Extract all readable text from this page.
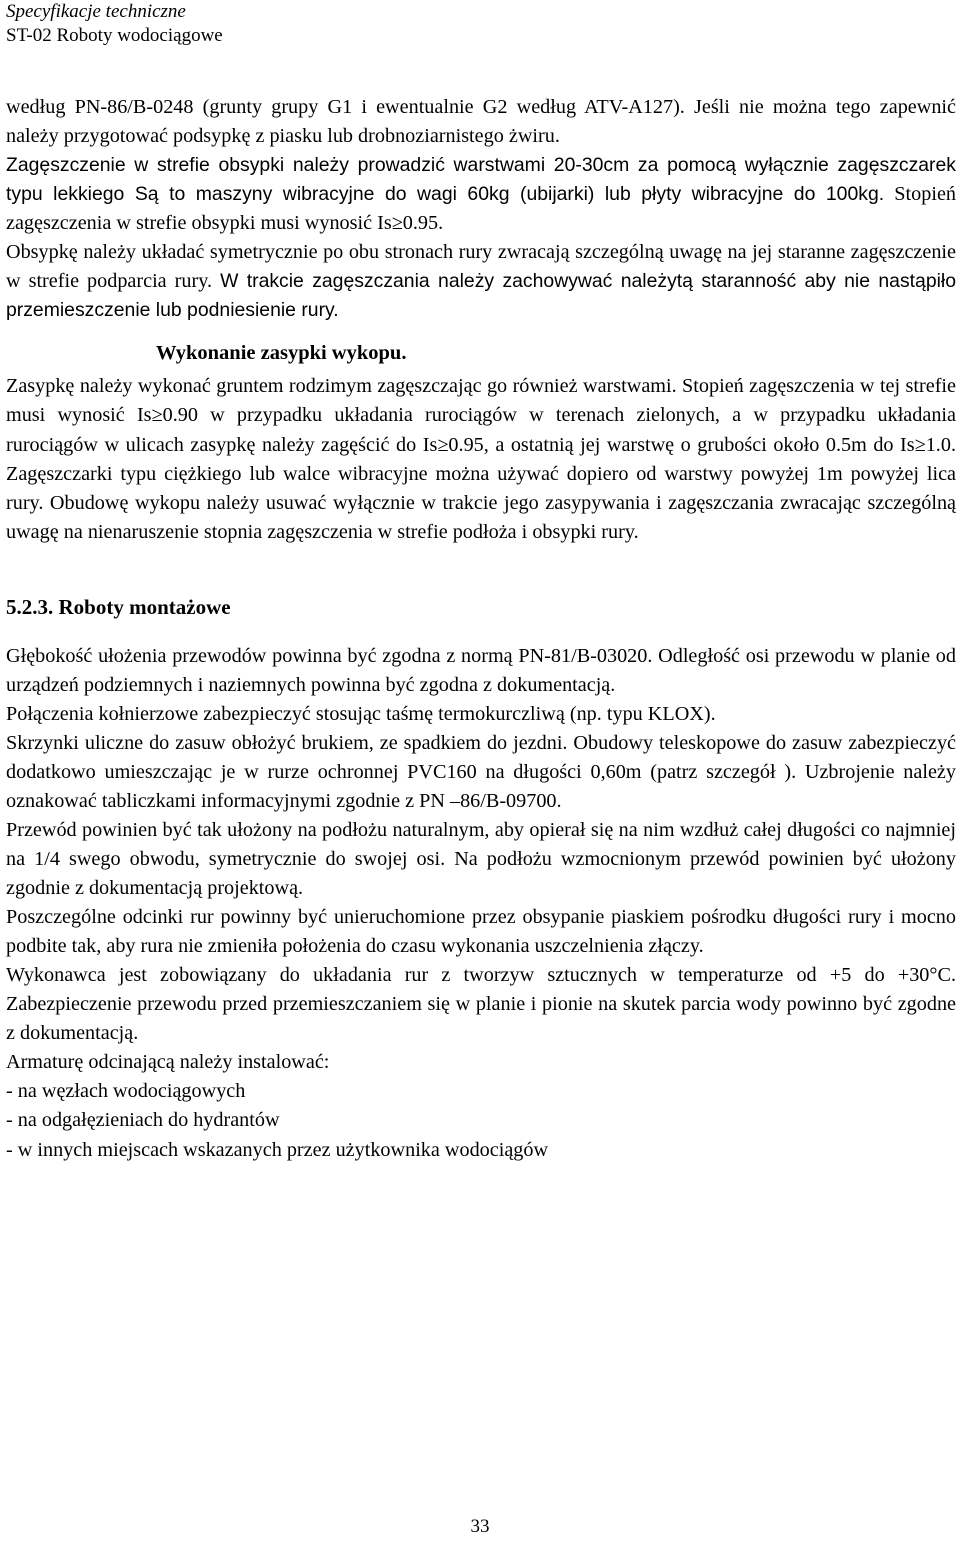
Specyfikacje techniczne
ST-02 Roboty wodociągowe

według PN-86/B-0248 (grunty grupy G1 i ewentualnie G2 według ATV-A127). Jeśli nie można tego zapewnić należy przygotować podsypkę z piasku lub drobnoziarnistego żwiru.

Zagęszczenie w strefie obsypki należy prowadzić warstwami 20-30cm za pomocą wyłącznie zagęszczarek typu lekkiego Są to maszyny wibracyjne do wagi 60kg (ubijarki) lub płyty wibracyjne do 100kg. Stopień zagęszczenia w strefie obsypki musi wynosić Is≥0.95.

Obsypkę należy układać symetrycznie po obu stronach rury zwracają szczególną uwagę na jej staranne zagęszczenie w strefie podparcia rury. W trakcie zagęszczania należy zachowywać należytą staranność aby nie nastąpiło przemieszczenie lub podniesienie rury.

Wykonanie zasypki wykopu.

Zasypkę należy wykonać gruntem rodzimym zagęszczając go również warstwami. Stopień zagęszczenia w tej strefie musi wynosić Is≥0.90 w przypadku układania rurociągów w terenach zielonych, a w przypadku układania rurociągów w ulicach zasypkę należy zagęścić do Is≥0.95, a ostatnią jej warstwę o grubości około 0.5m do Is≥1.0. Zagęszczarki typu ciężkiego lub walce wibracyjne można używać dopiero od warstwy powyżej 1m powyżej lica rury. Obudowę wykopu należy usuwać wyłącznie w trakcie jego zasypywania i zagęszczania zwracając szczególną uwagę na nienaruszenie stopnia zagęszczenia w strefie podłoża i obsypki rury.

5.2.3. Roboty montażowe

Głębokość ułożenia przewodów powinna być zgodna z normą PN-81/B-03020. Odległość osi przewodu w planie od urządzeń podziemnych i naziemnych powinna być zgodna z dokumentacją.

Połączenia kołnierzowe zabezpieczyć stosując taśmę termokurczliwą (np. typu KLOX).

Skrzynki uliczne do zasuw obłożyć brukiem, ze spadkiem do jezdni. Obudowy teleskopowe do zasuw zabezpieczyć dodatkowo umieszczając je w rurze ochronnej PVC160 na długości 0,60m (patrz szczegół ). Uzbrojenie należy oznakować tabliczkami informacyjnymi zgodnie z PN –86/B-09700.

Przewód powinien być tak ułożony na podłożu naturalnym, aby opierał się na nim wzdłuż całej długości co najmniej na 1/4 swego obwodu, symetrycznie do swojej osi. Na podłożu wzmocnionym przewód powinien być ułożony zgodnie z dokumentacją projektową.

Poszczególne odcinki rur powinny być unieruchomione przez obsypanie piaskiem pośrodku długości rury i mocno podbite tak, aby rura nie zmieniła położenia do czasu wykonania uszczelnienia złączy.

Wykonawca jest zobowiązany do układania rur z tworzyw sztucznych w temperaturze od +5 do +30°C. Zabezpieczenie przewodu przed przemieszczaniem się w planie i pionie na skutek parcia wody powinno być zgodne z dokumentacją.

Armaturę odcinającą należy instalować:

- na węzłach wodociągowych
- na odgałęzieniach do hydrantów
- w innych miejscach wskazanych przez użytkownika wodociągów
33
